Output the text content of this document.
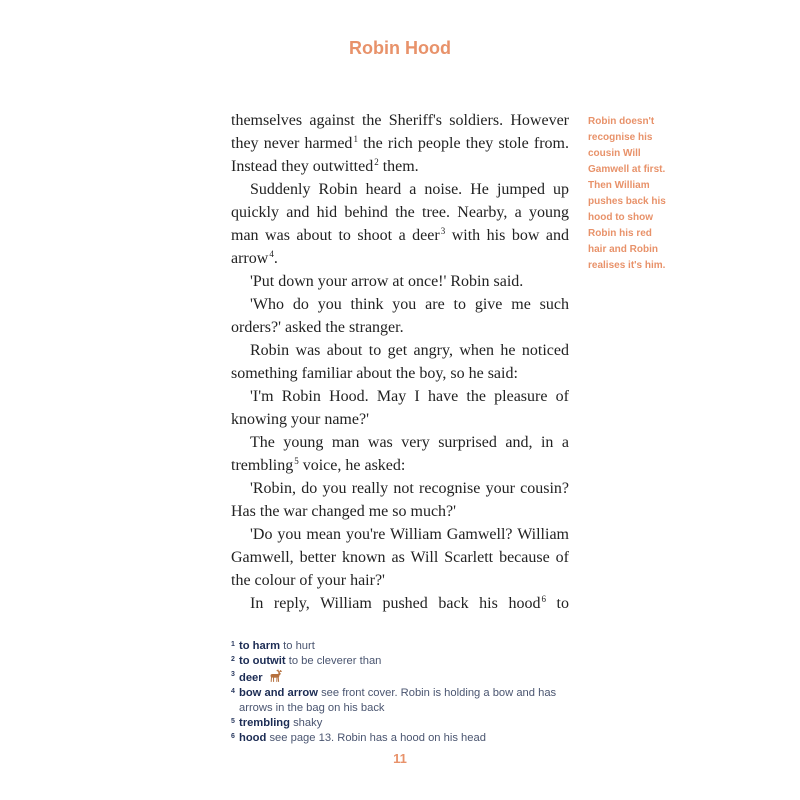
Robin Hood

themselves against the Sheriff's soldiers. However they never harmed$^1$ the rich people they stole from. Instead they outwitted$^2$ them.

Suddenly Robin heard a noise. He jumped up quickly and hid behind the tree. Nearby, a young man was about to shoot a deer$^3$ with his bow and arrow$^4$.

'Put down your arrow at once!' Robin said.

'Who do you think you are to give me such orders?' asked the stranger.

Robin was about to get angry, when he noticed something familiar about the boy, so he said:

'I'm Robin Hood. May I have the pleasure of knowing your name?'

The young man was very surprised and, in a trembling$^5$ voice, he asked:

'Robin, do you really not recognise your cousin? Has the war changed me so much?'

'Do you mean you're William Gamwell? William Gamwell, better known as Will Scarlett because of the colour of your hair?'

In reply, William pushed back his hood$^6$ to

Robin doesn't recognise his cousin Will Gamwell at first. Then William pushes back his hood to show Robin his red hair and Robin realises it's him.
1 to harm to hurt
2 to outwit to be cleverer than
3 deer
4 bow and arrow see front cover. Robin is holding a bow and has arrows in the bag on his back
5 trembling shaky
6 hood see page 13. Robin has a hood on his head
11
